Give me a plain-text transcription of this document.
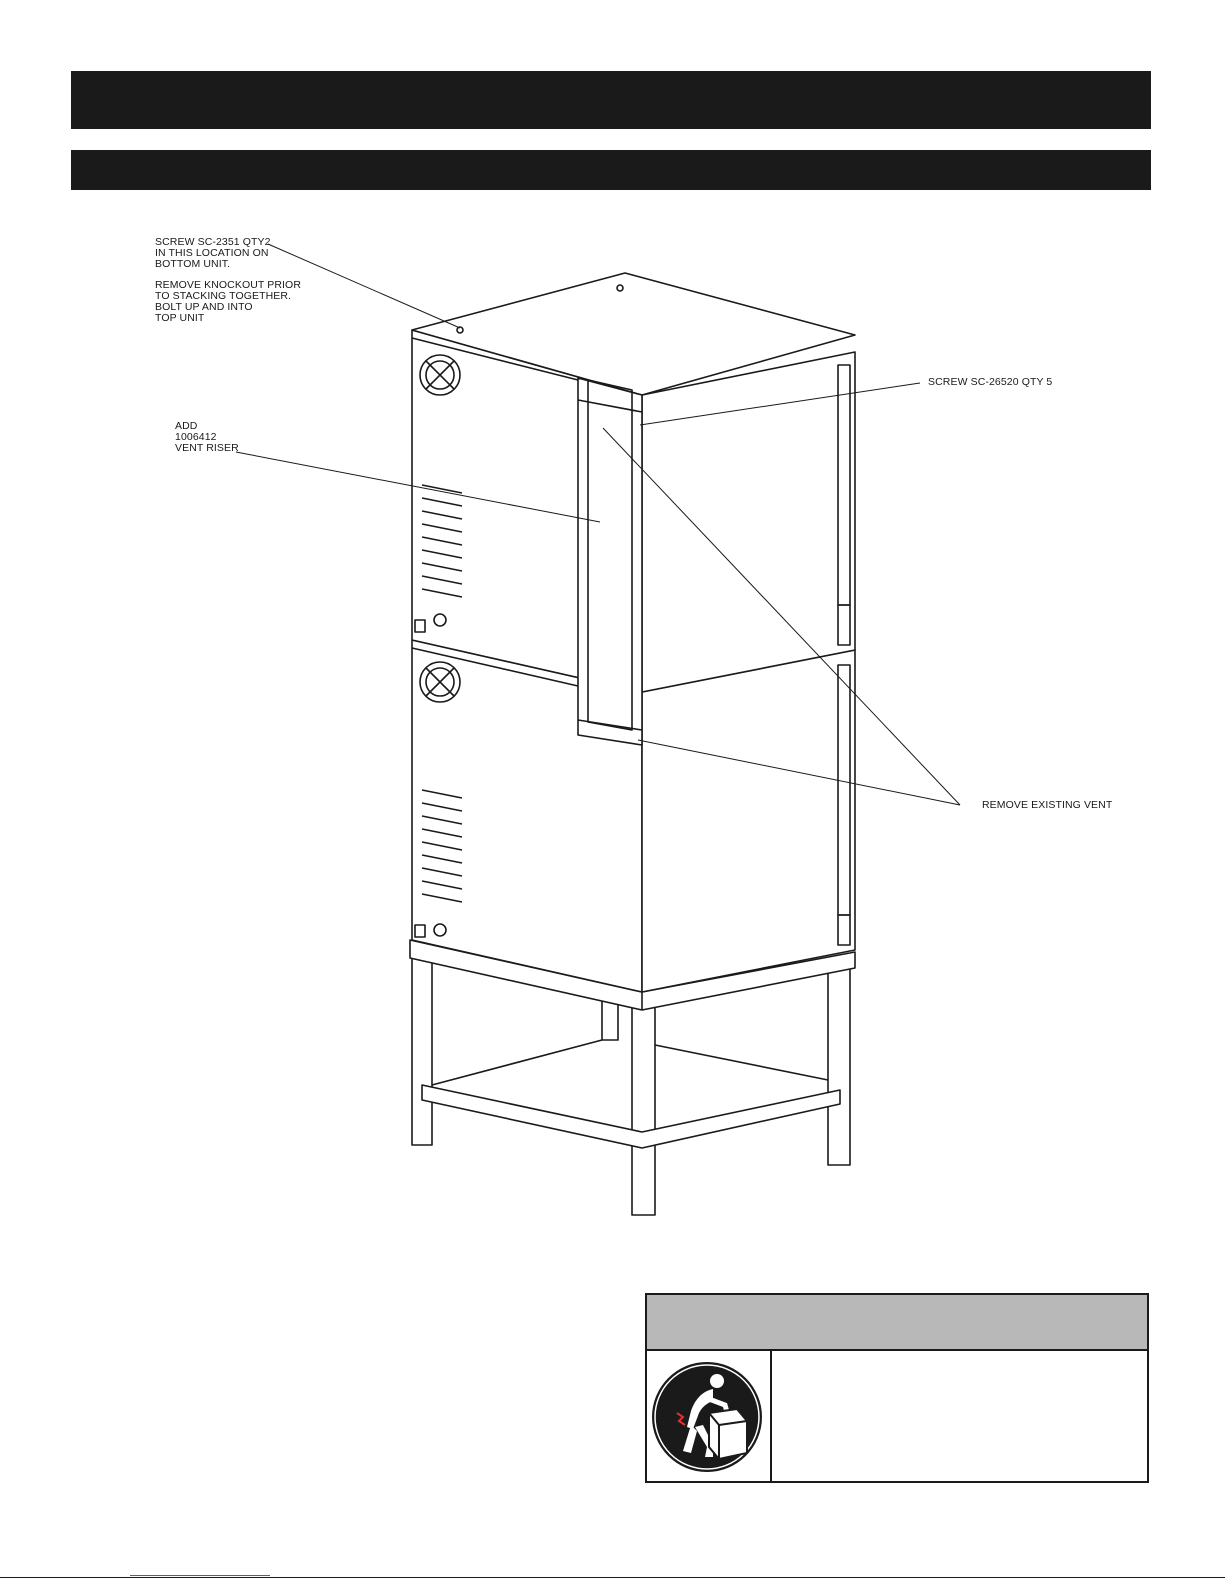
SCREW SC-2351 QTY2
IN THIS LOCATION ON
BOTTOM UNIT.
REMOVE KNOCKOUT PRIOR
TO STACKING TOGETHER.
BOLT UP AND INTO
TOP UNIT
ADD
1006412
VENT RISER
SCREW SC-26520 QTY 5
REMOVE EXISTING VENT
